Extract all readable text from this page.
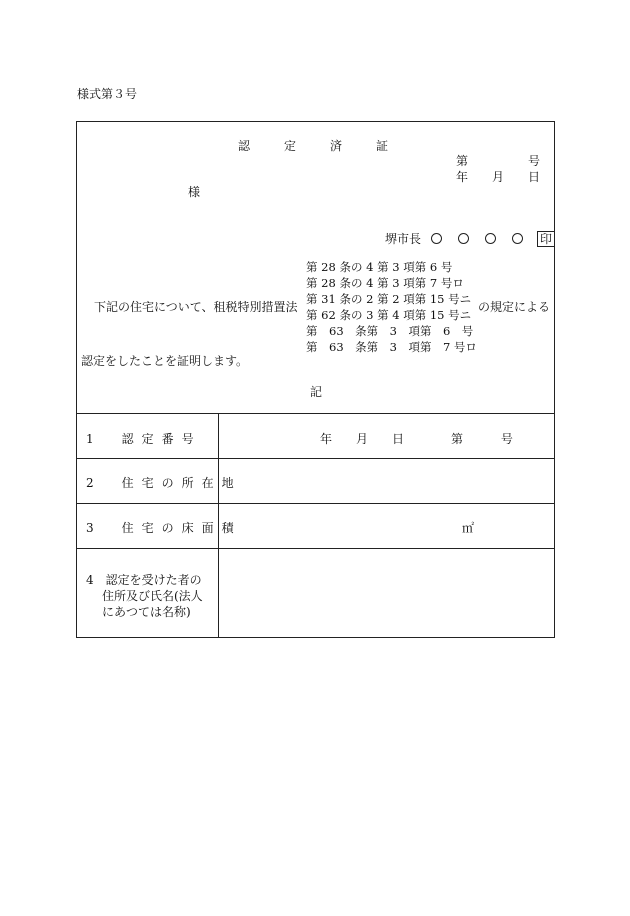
様式第３号
認定済証
第	号
年 月 日
様
堺市長	印
下記の住宅について、租税特別措置法
第 28 条の 4 第 3 項第 6 号
第 28 条の 4 第 3 項第 7 号ロ
第 31 条の 2 第 2 項第 15 号ニ
第 62 条の 3 第 4 項第 15 号ニ
第　63　条第　3　項第　6　号
第　63　条第　3　項第　7 号ロ
の規定による
認定をしたことを証明します。
記
1　認定番号	年 月 日	第	号
2　住宅の所在地
3　住宅の床面積	㎡
4　認定を受けた者の
住所及び氏名(法人
にあつては名称)
